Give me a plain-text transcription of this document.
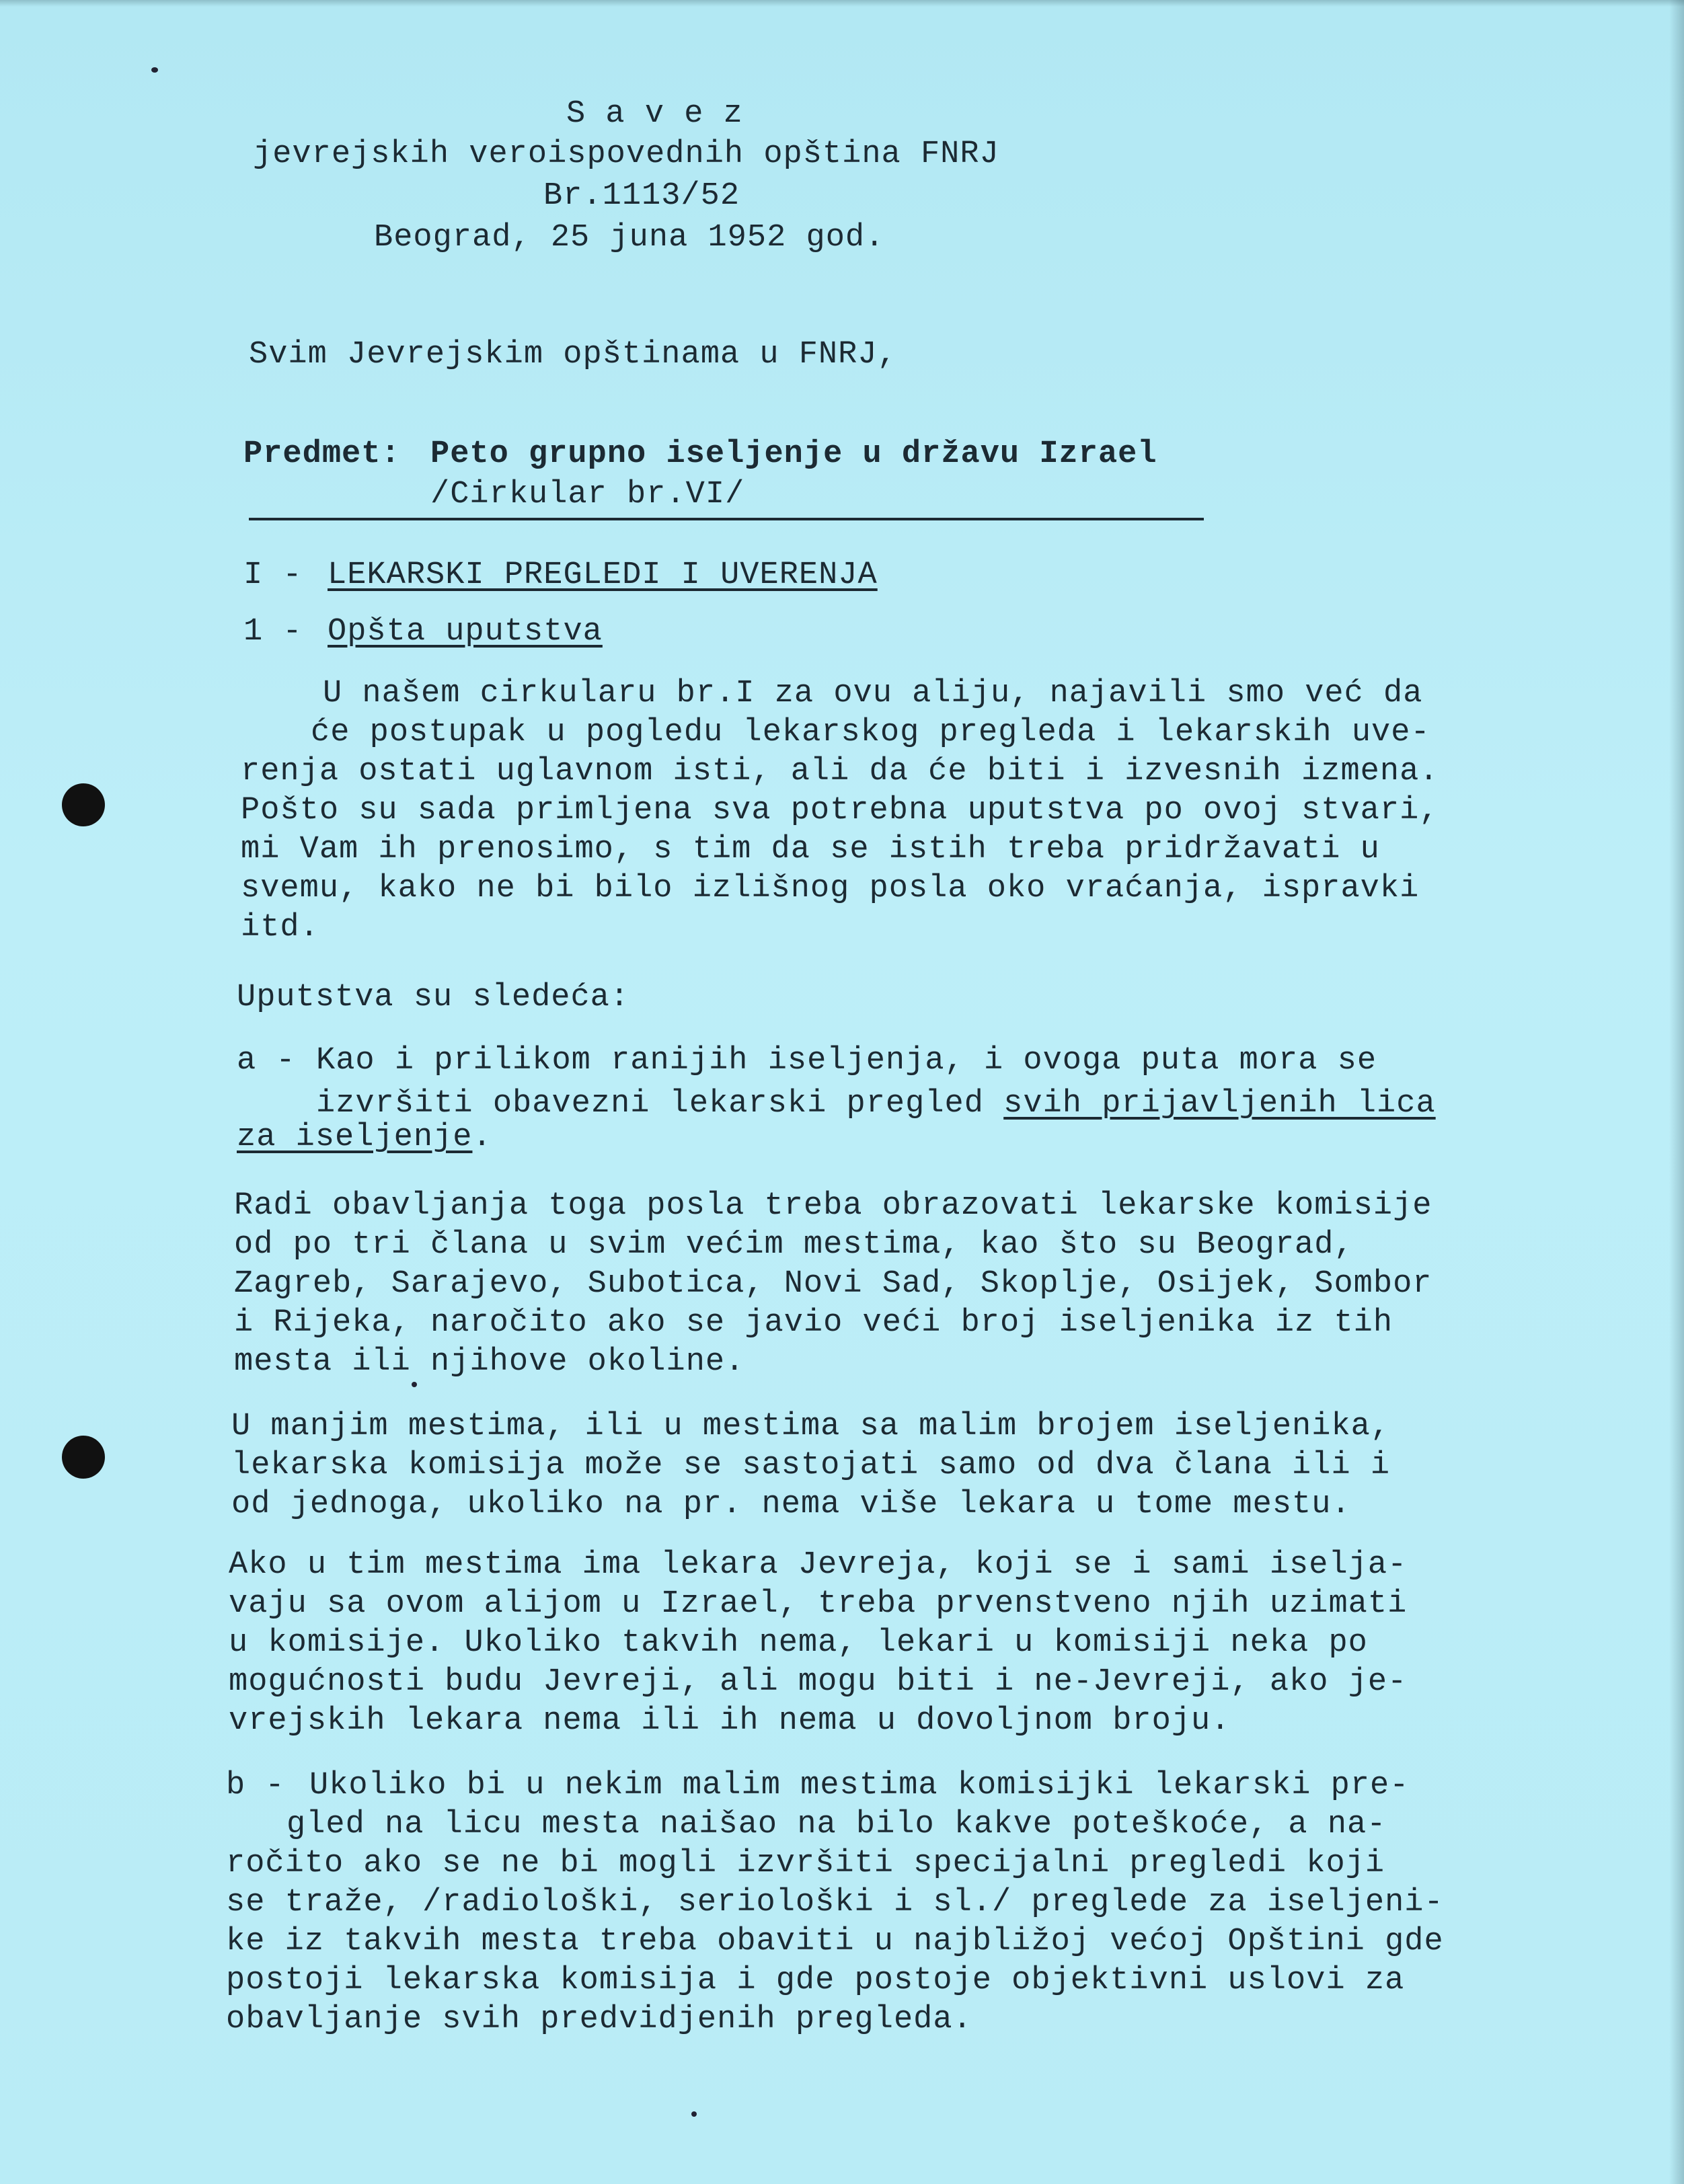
S a v e z
jevrejskih veroispovednih opština FNRJ
Br.1113/52
Beograd, 25 juna 1952 god.
Svim Jevrejskim opštinama u FNRJ,
Predmet: Peto grupno iseljenje u državu Izrael
/Cirkular br.VI/
I - LEKARSKI PREGLEDI I UVERENJA
1 - Opšta uputstva
U našem cirkularu br.I za ovu aliju, najavili smo već da
će postupak u pogledu lekarskog pregleda i lekarskih uve-
renja ostati uglavnom isti, ali da će biti i izvesnih izmena.
Pošto su sada primljena sva potrebna uputstva po ovoj stvari,
mi Vam ih prenosimo, s tim da se istih treba pridržavati u
svemu, kako ne bi bilo izlišnog posla oko vraćanja, ispravki
itd.
Uputstva su sledeća:
a - Kao i prilikom ranijih iseljenja, i ovoga puta mora se
izvršiti obavezni lekarski pregled svih prijavljenih lica
za iseljenje.
Radi obavljanja toga posla treba obrazovati lekarske komisije
od po tri člana u svim većim mestima, kao što su Beograd,
Zagreb, Sarajevo, Subotica, Novi Sad, Skoplje, Osijek, Sombor
i Rijeka, naročito ako se javio veći broj iseljenika iz tih
mesta ili njihove okoline.
U manjim mestima, ili u mestima sa malim brojem iseljenika,
lekarska komisija može se sastojati samo od dva člana ili i
od jednoga, ukoliko na pr. nema više lekara u tome mestu.
Ako u tim mestima ima lekara Jevreja, koji se i sami iselja-
vaju sa ovom alijom u Izrael, treba prvenstveno njih uzimati
u komisije. Ukoliko takvih nema, lekari u komisiji neka po
mogućnosti budu Jevreji, ali mogu biti i ne-Jevreji, ako je-
vrejskih lekara nema ili ih nema u dovoljnom broju.
b - Ukoliko bi u nekim malim mestima komisijki lekarski pre-
gled na licu mesta naišao na bilo kakve poteškoće, a na-
ročito ako se ne bi mogli izvršiti specijalni pregledi koji
se traže, /radiološki, seriološki i sl./ preglede za iseljeni-
ke iz takvih mesta treba obaviti u najbližoj većoj Opštini gde
postoji lekarska komisija i gde postoje objektivni uslovi za
obavljanje svih predvidjenih pregleda.
